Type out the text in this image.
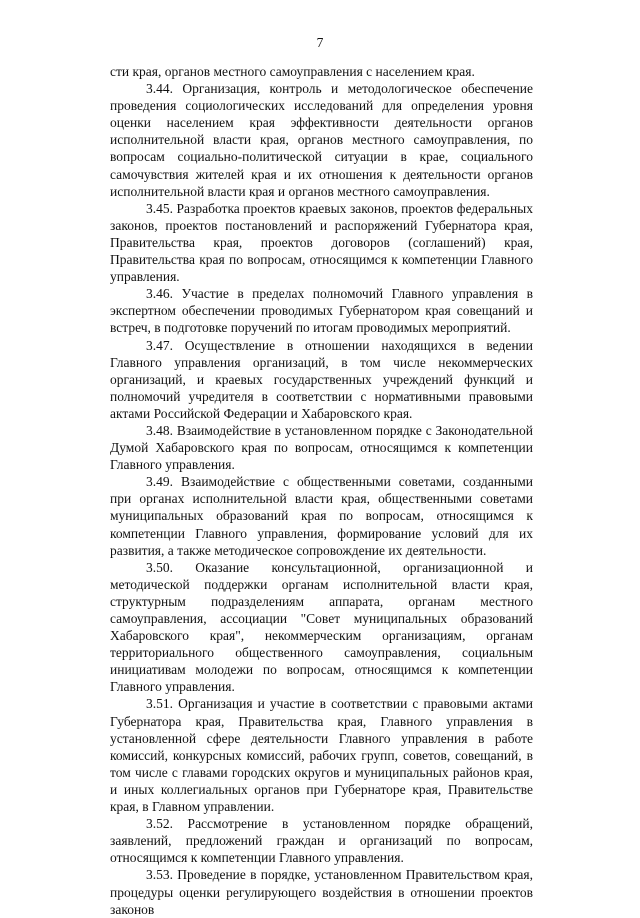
7

сти края, органов местного самоуправления с населением края.

3.44. Организация, контроль и методологическое обеспечение проведения социологических исследований для определения уровня оценки населением края эффективности деятельности органов исполнительной власти края, органов местного самоуправления, по вопросам социально-политической ситуации в крае, социального самочувствия жителей края и их отношения к деятельности органов исполнительной власти края и органов местного самоуправления.

3.45. Разработка проектов краевых законов, проектов федеральных законов, проектов постановлений и распоряжений Губернатора края, Правительства края, проектов договоров (соглашений) края, Правительства края по вопросам, относящимся к компетенции Главного управления.

3.46. Участие в пределах полномочий Главного управления в экспертном обеспечении проводимых Губернатором края совещаний и встреч, в подготовке поручений по итогам проводимых мероприятий.

3.47. Осуществление в отношении находящихся в ведении Главного управления организаций, в том числе некоммерческих организаций, и краевых государственных учреждений функций и полномочий учредителя в соответствии с нормативными правовыми актами Российской Федерации и Хабаровского края.

3.48. Взаимодействие в установленном порядке с Законодательной Думой Хабаровского края по вопросам, относящимся к компетенции Главного управления.

3.49. Взаимодействие с общественными советами, созданными при органах исполнительной власти края, общественными советами муниципальных образований края по вопросам, относящимся к компетенции Главного управления, формирование условий для их развития, а также методическое сопровождение их деятельности.

3.50. Оказание консультационной, организационной и методической поддержки органам исполнительной власти края, структурным подразделениям аппарата, органам местного самоуправления, ассоциации "Совет муниципальных образований Хабаровского края", некоммерческим организациям, органам территориального общественного самоуправления, социальным инициативам молодежи по вопросам, относящимся к компетенции Главного управления.

3.51. Организация и участие в соответствии с правовыми актами Губернатора края, Правительства края, Главного управления в установленной сфере деятельности Главного управления в работе комиссий, конкурсных комиссий, рабочих групп, советов, совещаний, в том числе с главами городских округов и муниципальных районов края, и иных коллегиальных органов при Губернаторе края, Правительстве края, в Главном управлении.

3.52. Рассмотрение в установленном порядке обращений, заявлений, предложений граждан и организаций по вопросам, относящимся к компетенции Главного управления.

3.53. Проведение в порядке, установленном Правительством края, процедуры оценки регулирующего воздействия в отношении проектов законов
